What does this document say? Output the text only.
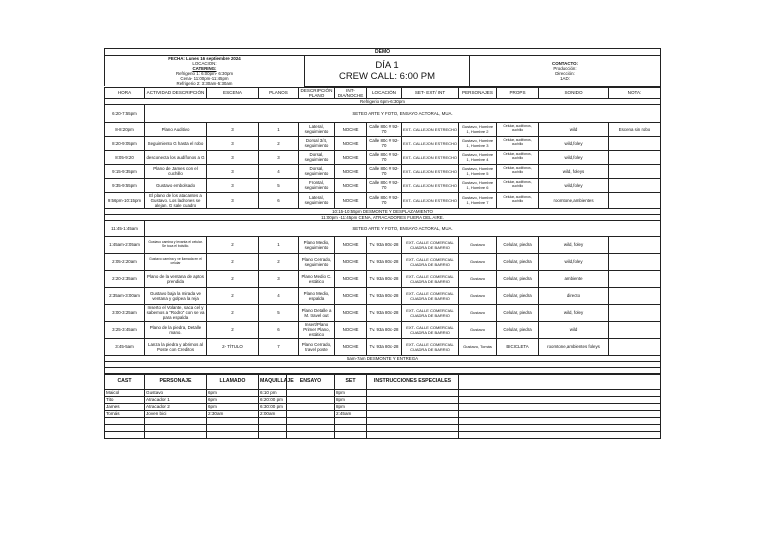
DEMO

FECHA: Lunes 16 septiembre 2024
LOCACION:
CATERING:
Refrigerio 1: 6:00pm- 6:30pm
Cena- 11:00pm-11:45pm
Refrigerio 2: 3:30am-5:30am

DÍA 1
CREW CALL: 6:00 PM

CONTACTO:
Producción:
Dirección:
1AD:
HORA	ACTIVIDAD DESCRIPCIÓN	ESCENA	PLANOS	DESCRIPCIÓN PLANO	INT-DIA/NOCHE	LOCACIÓN	SET- EXT/ INT	PERSONAJES	PROPS	SONIDO	NOTA:
Refrigerio 6pm-6:30pm											
6:20-7:55pm	SETEO ARTE Y FOTO, ENSAYO ACTORAL, MUA.										
8-8:20pm	Plano Auditivo	3	1	Lateral, seguimiento	NOCHE	Calle 80c # 92-70	EXT- CALLEJON ESTRECHO	Gustavo, Hombre 1, Hombre 2	Celular, audífonos, cuchillo	wild	Escena sin robo
8:20-9:05pm	Seguimiento G hasta el robo	3	2	Dorsal 3/4, seguimiento	NOCHE	Calle 80c # 92-70	EXT- CALLEJON ESTRECHO	Gustavo, Hombre 1, Hombre 3	Celular, audífonos, cuchillo	wild,foley	
8:05-9:20	desconecta los audífonos a G	3	3	Dorsal, seguimiento	NOCHE	Calle 80c # 92-70	EXT- CALLEJON ESTRECHO	Gustavo, Hombre 1, Hombre 4	Celular, audífonos, cuchillo	wild,foley	
9:15-9:35pm	Plano de James con el cuchillo	3	4	Dorsal, seguimiento	NOCHE	Calle 80c # 92-70	EXT- CALLEJON ESTRECHO	Gustavo, Hombre 1, Hombre 5	Celular, audífonos, cuchillo	wild, foleys	
9:35-9:55pm	Gustavo embolsado	3	5	Frontal, seguimiento	NOCHE	Calle 80c # 92-70	EXT- CALLEJON ESTRECHO	Gustavo, Hombre 1, Hombre 6	Celular, audífonos, cuchillo	wild,foley	
9:56pm-10:15pm	El plano de los atacantes a Gustavo. Los ladrones se alejan. G sale cuadro	3	6	Lateral, seguimiento	NOCHE	Calle 80c # 92-70	EXT- CALLEJON ESTRECHO	Gustavo, Hombre 1, Hombre 7	Celular, audífonos, cuchillo	roomtone,ambientes	
10:15-10:55pm DESMONTE Y DESPLAZAMIENTO											
11:00pm -11:45pm CENA, ATRACADORES FUERA DEL AIRE.											
11:45-1:45am	SETEO ARTE Y FOTO, ENSAYO ACTORAL, MUA.										
1:45am-2:05am	Gustavo camina y levanta el celular. Se toca el bolsillo.	2	1	Plano Medio, seguimiento	NOCHE	Tv. 93a 80c-28	EXT- CALLE COMERCIAL CUADRA DE BARRIO	Gustavo	Celular, piedra	wild, foley	
2:05-2:20am	Gustavo camina y ve llamada en el celular	2	2	Plano Cerrado, seguimiento	NOCHE	Tv. 93a 80c-28	EXT- CALLE COMERCIAL CUADRA DE BARRIO	Gustavo	Celular, piedra	wild,foley	
2:20-2:35am	Plano de la ventana de aptos prendida	2	3	Plano Medio C. estático	NOCHE	Tv. 93a 80c-28	EXT- CALLE COMERCIAL CUADRA DE BARRIO	Gustavo	Celular, piedra	ambiente	
2:35am-3:00am	Gustavo baja la mirada ve ventana y golpea la reja	2	4	Plano Medio, espalda	NOCHE	Tv. 93a 80c-28	EXT- CALLE COMERCIAL CUADRA DE BARRIO	Gustavo	Celular, piedra	directo	
3:00-3:25am	Inserto el Volante, saca cel y sabemos a "Rodro" con se va para espalda	2	5	Plano Detalle a M. travel out	NOCHE	Tv. 93a 80c-28	EXT- CALLE COMERCIAL CUADRA DE BARRIO	Gustavo	Celular, piedra	wild, foley	
3:25-3:45am	Plano de la piedra, Detalle mano.	2	6	Insert/Plano Primer Plano, estático	NOCHE	Tv. 93a 80c-28	EXT- CALLE COMERCIAL CUADRA DE BARRIO	Gustavo	Celular, piedra	wild	
3:45-5am	Lanza la piedra y abrimos al Poste con Creditos	2- TÍTULO	7	Plano Cerrado, travel poste	NOCHE	Tv. 93a 80c-28	EXT- CALLE COMERCIAL CUADRA DE BARRIO	Gustavo, Tomás	BICICLETA	roomtone,ambientes foleys	
5am-7am DESMONTE Y ENTREGA											

CAST	PERSONAJE	LLAMADO	MAQUILLAJE	ENSAYO	SET	INSTRUCCIONES ESPECIALES	
Maicol	Gustavo	6pm	6:10 pm		8pm		
Tito	Atracador 1	6pm	6:20:00 pm		8pm		
James	Atracador 2	6pm	6:30:00 pm		8pm		
Tomás	Joven bici	2:30am	2:00am		2:45am		
